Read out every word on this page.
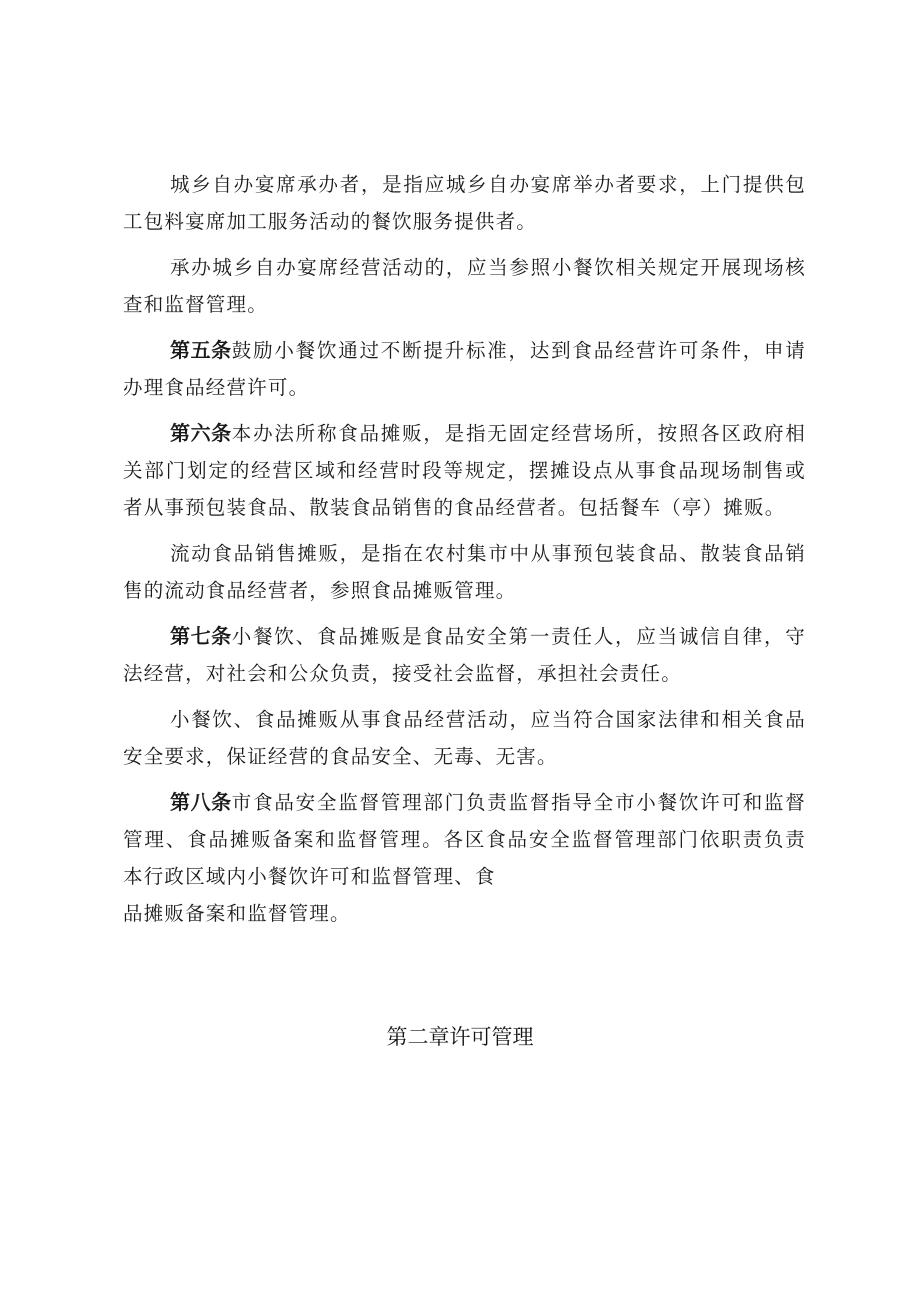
城乡自办宴席承办者，是指应城乡自办宴席举办者要求，上门提供包工包料宴席加工服务活动的餐饮服务提供者。

承办城乡自办宴席经营活动的，应当参照小餐饮相关规定开展现场核查和监督管理。

第五条鼓励小餐饮通过不断提升标准，达到食品经营许可条件，申请办理食品经营许可。

第六条本办法所称食品摊贩，是指无固定经营场所，按照各区政府相关部门划定的经营区域和经营时段等规定，摆摊设点从事食品现场制售或者从事预包装食品、散装食品销售的食品经营者。包括餐车（亭）摊贩。

流动食品销售摊贩，是指在农村集市中从事预包装食品、散装食品销售的流动食品经营者，参照食品摊贩管理。

第七条小餐饮、食品摊贩是食品安全第一责任人，应当诚信自律，守法经营，对社会和公众负责，接受社会监督，承担社会责任。

小餐饮、食品摊贩从事食品经营活动，应当符合国家法律和相关食品安全要求，保证经营的食品安全、无毒、无害。

第八条市食品安全监督管理部门负责监督指导全市小餐饮许可和监督管理、食品摊贩备案和监督管理。各区食品安全监督管理部门依职责负责本行政区域内小餐饮许可和监督管理、食

品摊贩备案和监督管理。

第二章许可管理
